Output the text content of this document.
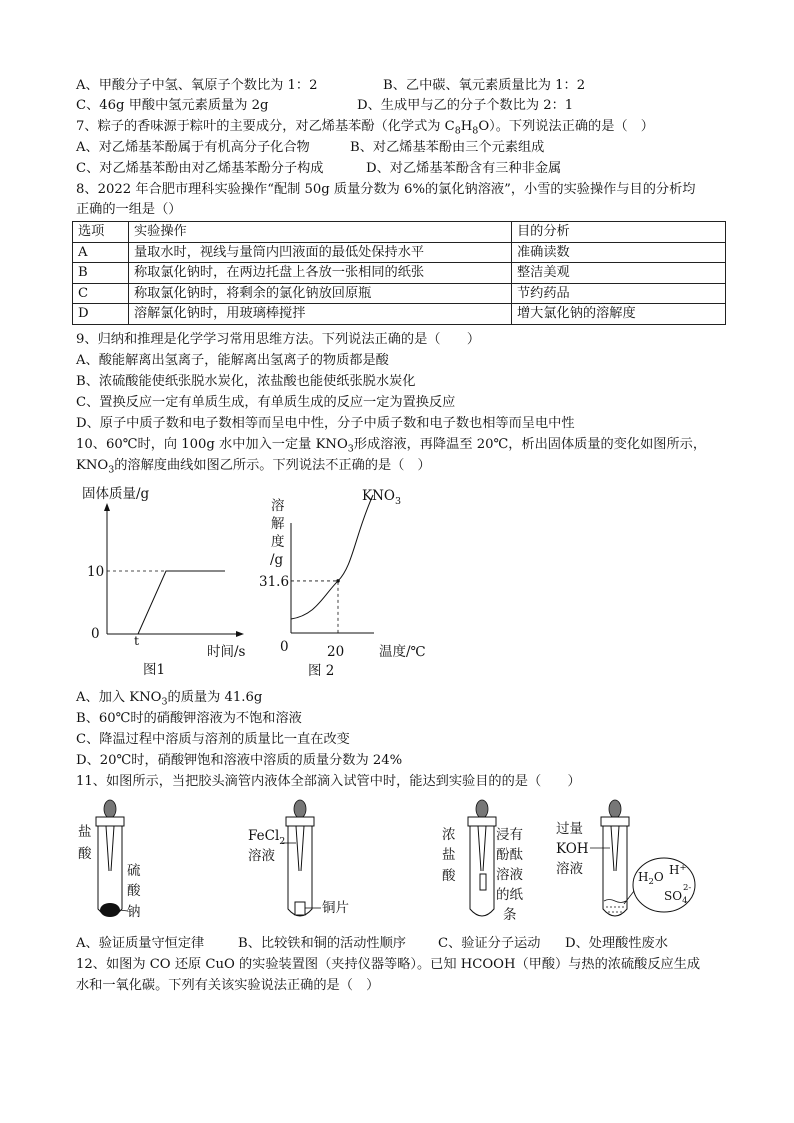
A、甲酸分子中氢、氧原子个数比为 1：2	B、乙中碳、氧元素质量比为 1：2
C、46g 甲酸中氢元素质量为 2g	D、生成甲与乙的分子个数比为 2：1
7、粽子的香味源于粽叶的主要成分，对乙烯基苯酚（化学式为 $C_8H_8O$）。下列说法正确的是（　）
A、对乙烯基苯酚属于有机高分子化合物	B、对乙烯基苯酚由三个元素组成
C、对乙烯基苯酚由对乙烯基苯酚分子构成	D、对乙烯基苯酚含有三种非金属
8、2022 年合肥市理科实验操作“配制 50g 质量分数为 6%的氯化钠溶液”，小雪的实验操作与目的分析均
正确的一组是（）
选项	实验操作	目的分析
A	量取水时，视线与量筒内凹液面的最低处保持水平	准确读数
B	称取氯化钠时，在两边托盘上各放一张相同的纸张	整洁美观
C	称取氯化钠时，将剩余的氯化钠放回原瓶	节约药品
D	溶解氯化钠时，用玻璃棒搅拌	增大氯化钠的溶解度
9、归纳和推理是化学学习常用思维方法。下列说法正确的是（　　）
A、酸能解离出氢离子，能解离出氢离子的物质都是酸
B、浓硫酸能使纸张脱水炭化，浓盐酸也能使纸张脱水炭化
C、置换反应一定有单质生成，有单质生成的反应一定为置换反应
D、原子中质子数和电子数相等而呈电中性，分子中质子数和电子数也相等而呈电中性
10、60℃时，向 100g 水中加入一定量 $KNO_3$形成溶液，再降温至 20℃，析出固体质量的变化如图所示，
$KNO_3$的溶解度曲线如图乙所示。下列说法不正确的是（　）
固体质量/g
10
0	t
时间/s
图1
$KNO_3$
溶
解
度
/g
31.6
0	20	温度/℃
图 2
A、加入 $KNO_3$的质量为 41.6g
B、60℃时的硝酸钾溶液为不饱和溶液
C、降温过程中溶质与溶剂的质量比一直在改变
D、20℃时，硝酸钾饱和溶液中溶质的质量分数为 24%
11、如图所示，当把胶头滴管内液体全部滴入试管中时，能达到实验目的的是（　　）
盐
酸
硫
酸
钠
FeCl$_2$
溶液
铜片
浓
盐
酸
浸有
酚酞
溶液
的纸
条
过量
KOH
溶液	$H_2O$ H+
$SO_42-$
A、验证质量守恒定律	B、比较铁和铜的活动性顺序 C、验证分子运动 D、处理酸性废水
12、如图为 CO 还原 CuO 的实验装置图（夹持仪器等略）。已知 HCOOH（甲酸）与热的浓硫酸反应生成
水和一氧化碳。下列有关该实验说法正确的是（　）
